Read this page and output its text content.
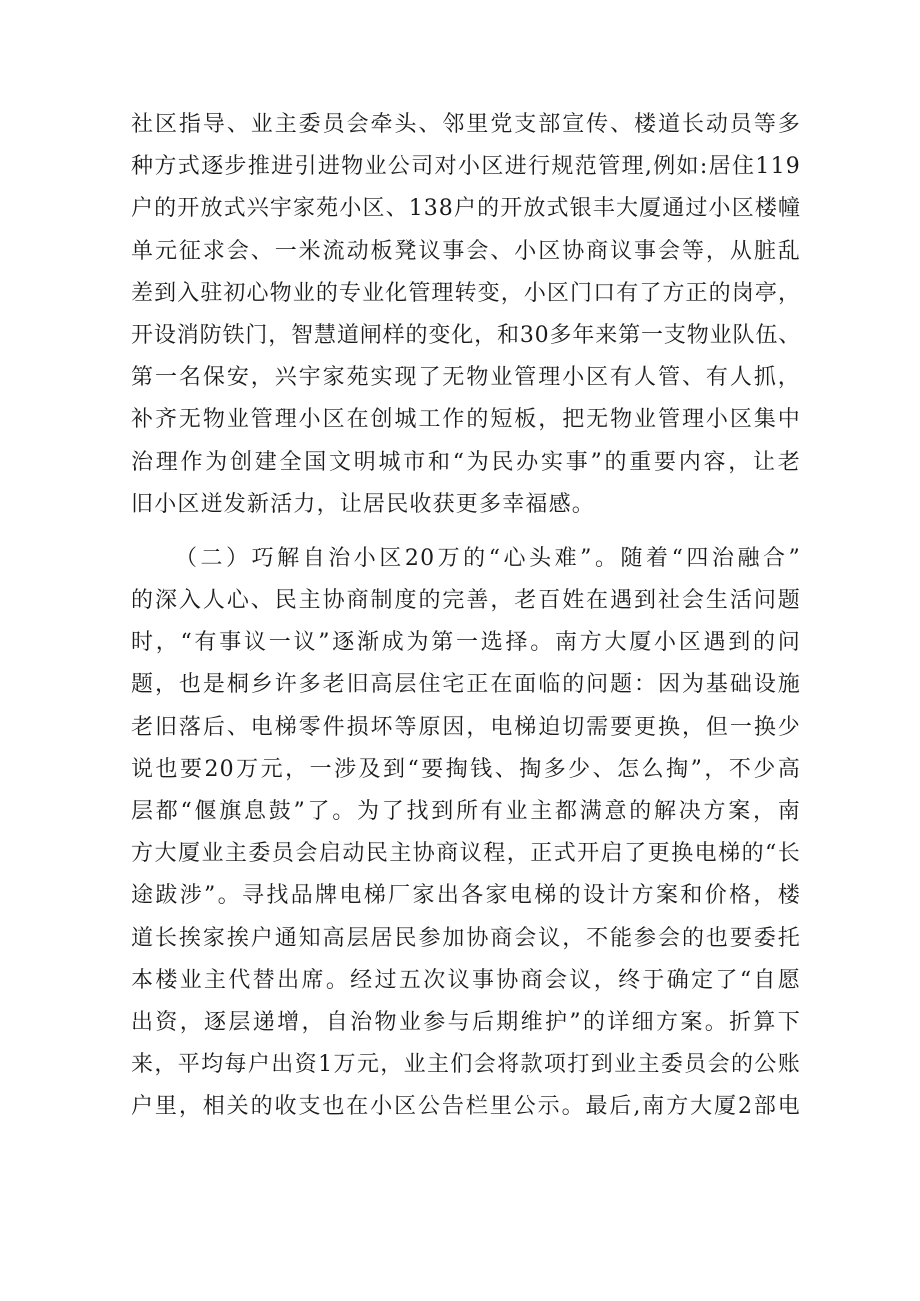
社区指导、业主委员会牵头、邻里党支部宣传、楼道长动员等多
种方式逐步推进引进物业公司对小区进行规范管理,例如:居住119
户的开放式兴宇家苑小区、138户的开放式银丰大厦通过小区楼幢
单元征求会、一米流动板凳议事会、小区协商议事会等，从脏乱
差到入驻初心物业的专业化管理转变，小区门口有了方正的岗亭，
开设消防铁门，智慧道闸样的变化，和30多年来第一支物业队伍、
第一名保安，兴宇家苑实现了无物业管理小区有人管、有人抓，
补齐无物业管理小区在创城工作的短板，把无物业管理小区集中
治理作为创建全国文明城市和“为民办实事”的重要内容，让老
旧小区迸发新活力，让居民收获更多幸福感。
（二）巧解自治小区20万的“心头难”。随着“四治融合”
的深入人心、民主协商制度的完善，老百姓在遇到社会生活问题
时，“有事议一议”逐渐成为第一选择。南方大厦小区遇到的问
题，也是桐乡许多老旧高层住宅正在面临的问题：因为基础设施
老旧落后、电梯零件损坏等原因，电梯迫切需要更换，但一换少
说也要20万元，一涉及到“要掏钱、掏多少、怎么掏”，不少高
层都“偃旗息鼓”了。为了找到所有业主都满意的解决方案，南
方大厦业主委员会启动民主协商议程，正式开启了更换电梯的“长
途跋涉”。寻找品牌电梯厂家出各家电梯的设计方案和价格，楼
道长挨家挨户通知高层居民参加协商会议，不能参会的也要委托
本楼业主代替出席。经过五次议事协商会议，终于确定了“自愿
出资，逐层递增，自治物业参与后期维护”的详细方案。折算下
来，平均每户出资1万元，业主们会将款项打到业主委员会的公账
户里，相关的收支也在小区公告栏里公示。最后,南方大厦2部电
